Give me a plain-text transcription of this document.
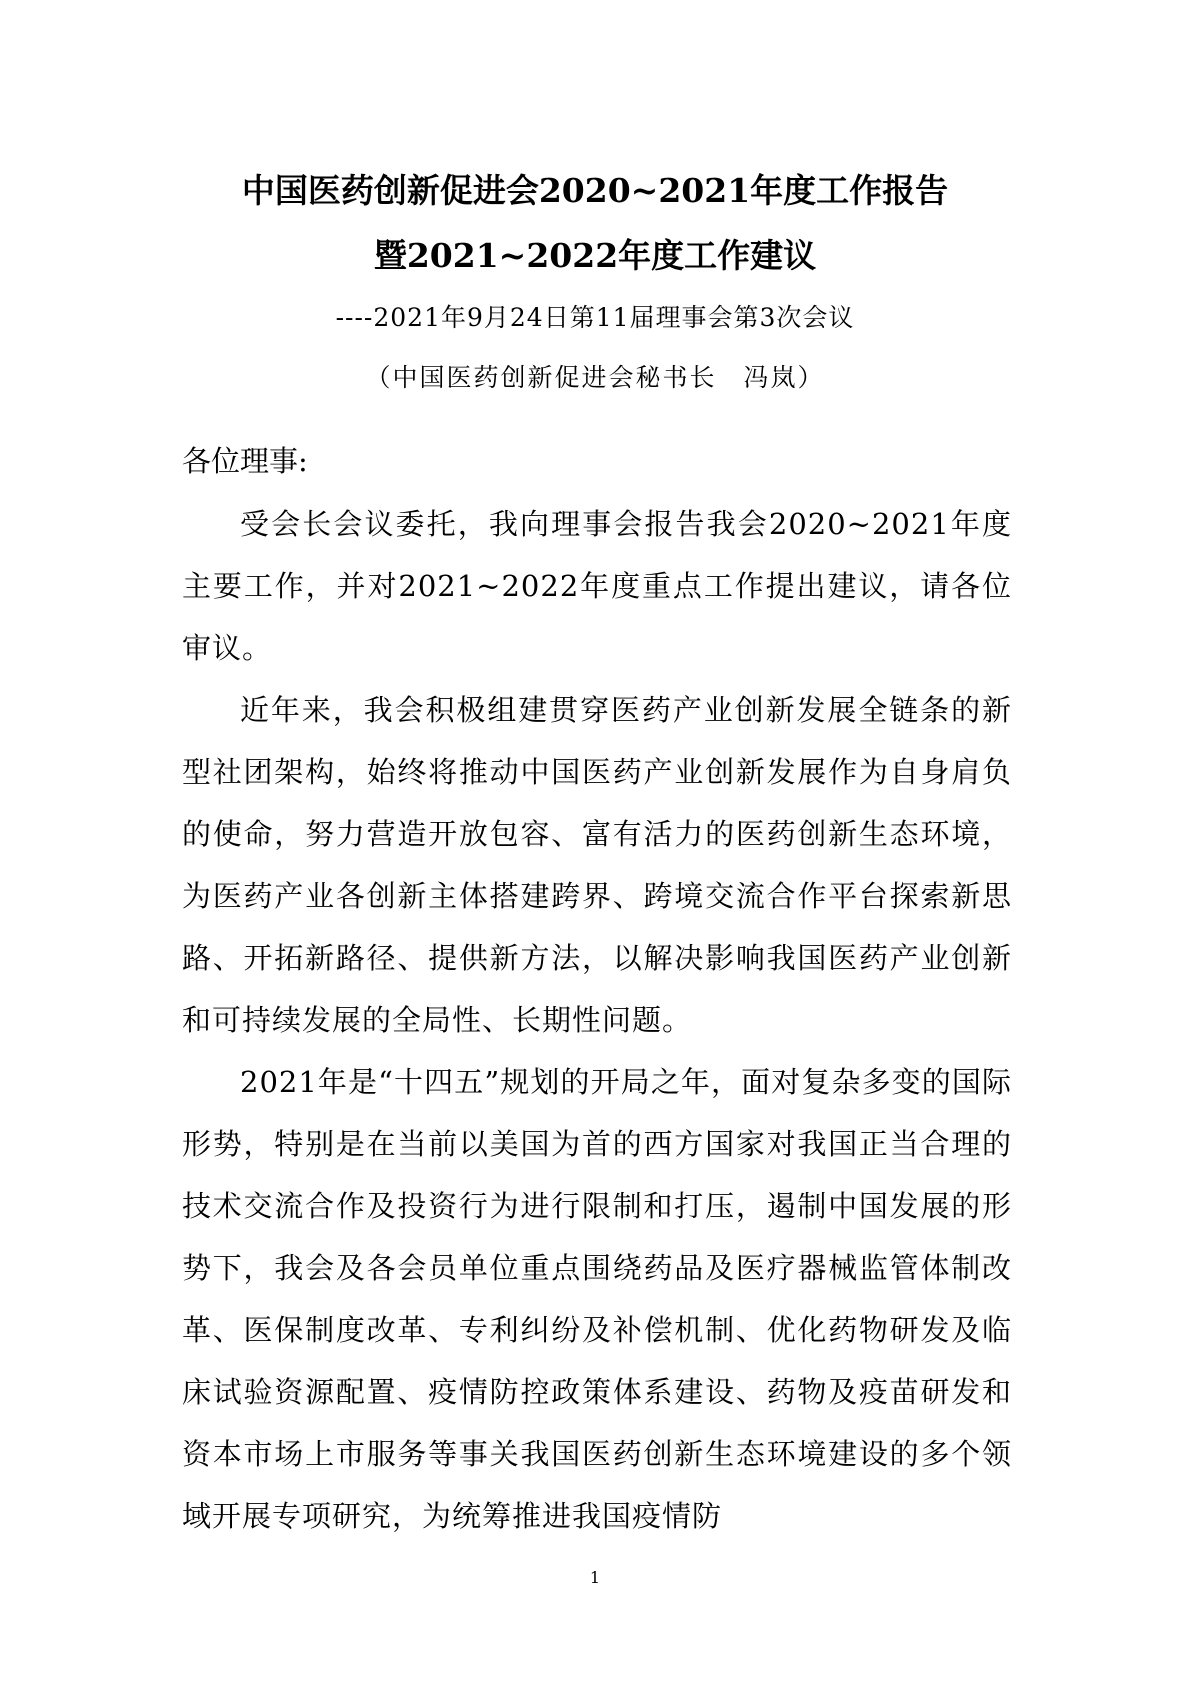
中国医药创新促进会2020~2021年度工作报告
暨2021~2022年度工作建议
----2021年9月24日第11届理事会第3次会议
（中国医药创新促进会秘书长　冯岚）
各位理事:

受会长会议委托，我向理事会报告我会2020~2021年度主要工作，并对2021~2022年度重点工作提出建议，请各位审议。

近年来，我会积极组建贯穿医药产业创新发展全链条的新型社团架构，始终将推动中国医药产业创新发展作为自身肩负的使命，努力营造开放包容、富有活力的医药创新生态环境，为医药产业各创新主体搭建跨界、跨境交流合作平台探索新思路、开拓新路径、提供新方法，以解决影响我国医药产业创新和可持续发展的全局性、长期性问题。

2021年是“十四五”规划的开局之年，面对复杂多变的国际形势，特别是在当前以美国为首的西方国家对我国正当合理的技术交流合作及投资行为进行限制和打压，遏制中国发展的形势下，我会及各会员单位重点围绕药品及医疗器械监管体制改革、医保制度改革、专利纠纷及补偿机制、优化药物研发及临床试验资源配置、疫情防控政策体系建设、药物及疫苗研发和资本市场上市服务等事关我国医药创新生态环境建设的多个领域开展专项研究，为统筹推进我国疫情防

1
